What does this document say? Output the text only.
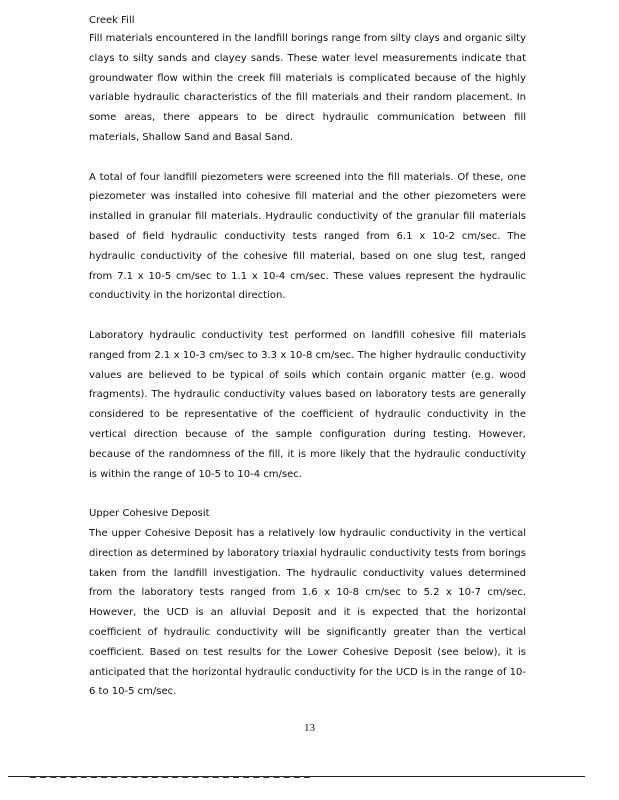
Creek Fill

Fill materials encountered in the landfill borings range from silty clays and organic silty clays to silty sands and clayey sands. These water level measurements indicate that groundwater flow within the creek fill materials is complicated because of the highly variable hydraulic characteristics of the fill materials and their random placement. In some areas, there appears to be direct hydraulic communication between fill materials, Shallow Sand and Basal Sand.

A total of four landfill piezometers were screened into the fill materials. Of these, one piezometer was installed into cohesive fill material and the other piezometers were installed in granular fill materials. Hydraulic conductivity of the granular fill materials based of field hydraulic conductivity tests ranged from 6.1 x 10-2 cm/sec. The hydraulic conductivity of the cohesive fill material, based on one slug test, ranged from 7.1 x 10-5 cm/sec to 1.1 x 10-4 cm/sec. These values represent the hydraulic conductivity in the horizontal direction.

Laboratory hydraulic conductivity test performed on landfill cohesive fill materials ranged from 2.1 x 10-3 cm/sec to 3.3 x 10-8 cm/sec. The higher hydraulic conductivity values are believed to be typical of soils which contain organic matter (e.g. wood fragments). The hydraulic conductivity values based on laboratory tests are generally considered to be representative of the coefficient of hydraulic conductivity in the vertical direction because of the sample configuration during testing. However, because of the randomness of the fill, it is more likely that the hydraulic conductivity is within the range of 10-5 to 10-4 cm/sec.

Upper Cohesive Deposit

The upper Cohesive Deposit has a relatively low hydraulic conductivity in the vertical direction as determined by laboratory triaxial hydraulic conductivity tests from borings taken from the landfill investigation. The hydraulic conductivity values determined from the laboratory tests ranged from 1.6 x 10-8 cm/sec to 5.2 x 10-7 cm/sec. However, the UCD is an alluvial Deposit and it is expected that the horizontal coefficient of hydraulic conductivity will be significantly greater than the vertical coefficient. Based on test results for the Lower Cohesive Deposit (see below), it is anticipated that the horizontal hydraulic conductivity for the UCD is in the range of 10-6 to 10-5 cm/sec.

13
